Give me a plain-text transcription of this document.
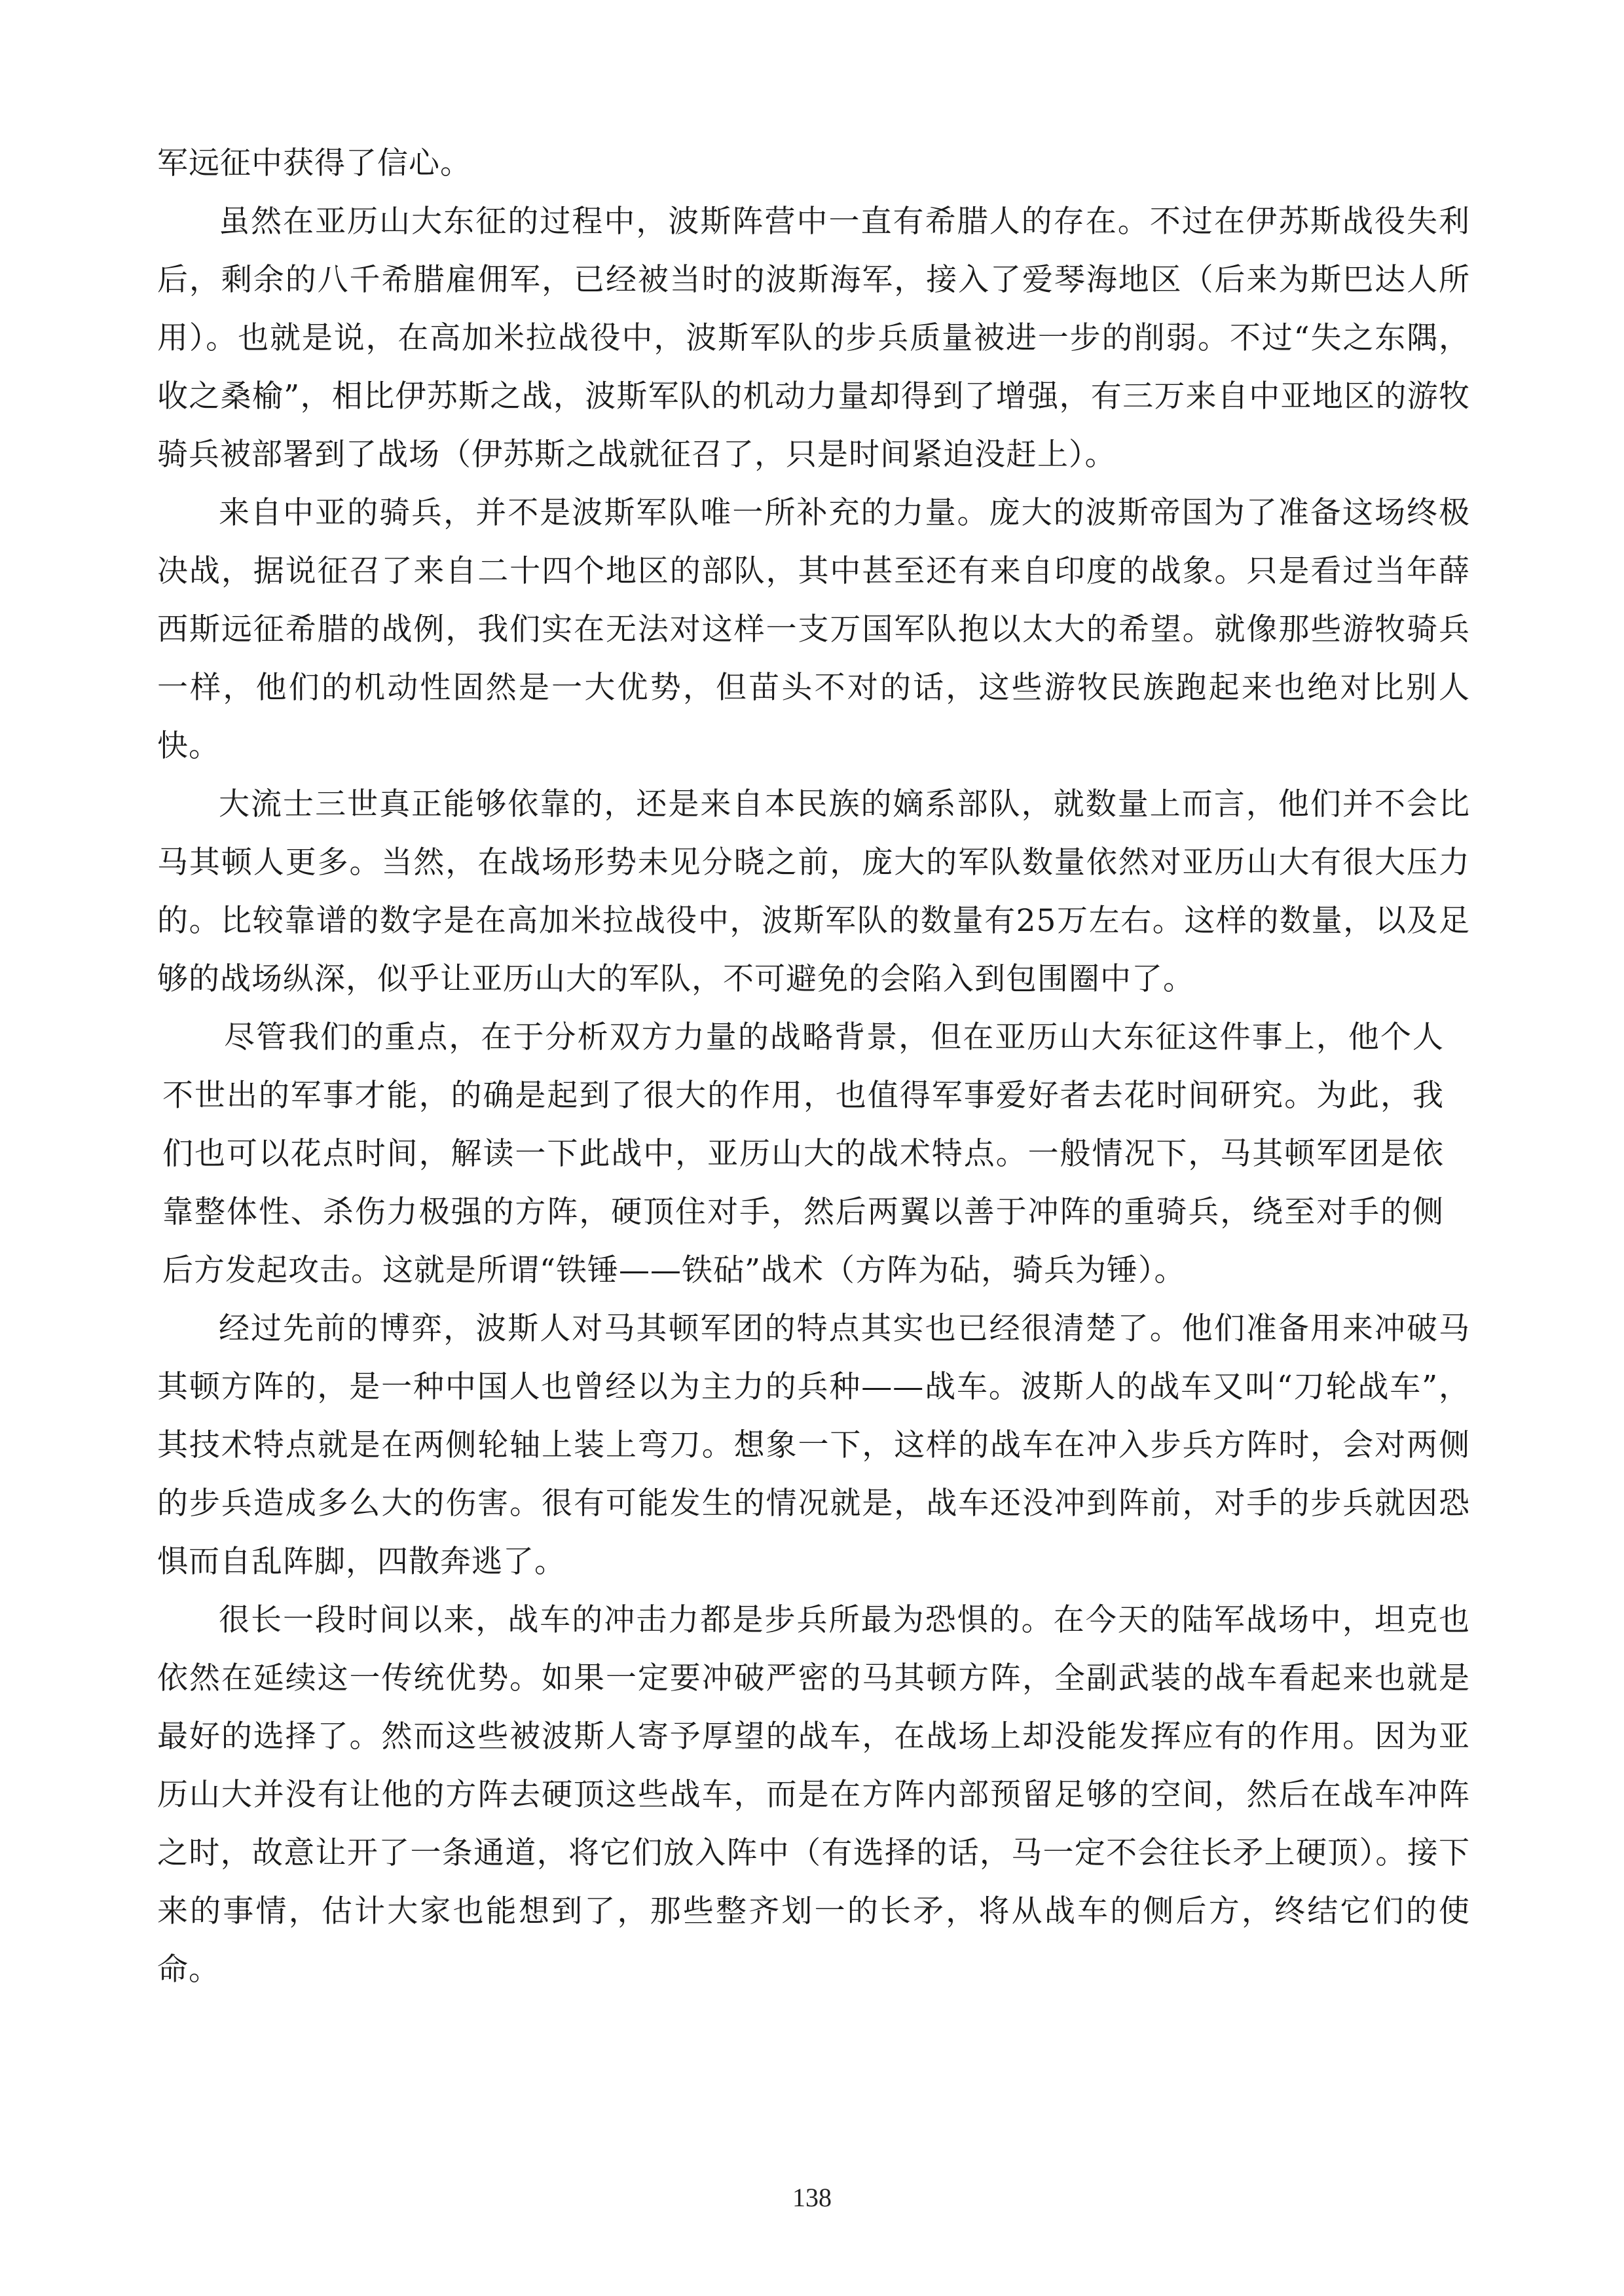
军远征中获得了信心。

虽然在亚历山大东征的过程中，波斯阵营中一直有希腊人的存在。不过在伊苏斯战役失利后，剩余的八千希腊雇佣军，已经被当时的波斯海军，接入了爱琴海地区（后来为斯巴达人所用）。也就是说，在高加米拉战役中，波斯军队的步兵质量被进一步的削弱。不过“失之东隅，收之桑榆”，相比伊苏斯之战，波斯军队的机动力量却得到了增强，有三万来自中亚地区的游牧骑兵被部署到了战场（伊苏斯之战就征召了，只是时间紧迫没赶上）。

来自中亚的骑兵，并不是波斯军队唯一所补充的力量。庞大的波斯帝国为了准备这场终极决战，据说征召了来自二十四个地区的部队，其中甚至还有来自印度的战象。只是看过当年薛西斯远征希腊的战例，我们实在无法对这样一支万国军队抱以太大的希望。就像那些游牧骑兵一样，他们的机动性固然是一大优势，但苗头不对的话，这些游牧民族跑起来也绝对比别人快。

大流士三世真正能够依靠的，还是来自本民族的嫡系部队，就数量上而言，他们并不会比马其顿人更多。当然，在战场形势未见分晓之前，庞大的军队数量依然对亚历山大有很大压力的。比较靠谱的数字是在高加米拉战役中，波斯军队的数量有25万左右。这样的数量，以及足够的战场纵深，似乎让亚历山大的军队，不可避免的会陷入到包围圈中了。

尽管我们的重点，在于分析双方力量的战略背景，但在亚历山大东征这件事上，他个人不世出的军事才能，的确是起到了很大的作用，也值得军事爱好者去花时间研究。为此，我们也可以花点时间，解读一下此战中，亚历山大的战术特点。一般情况下，马其顿军团是依靠整体性、杀伤力极强的方阵，硬顶住对手，然后两翼以善于冲阵的重骑兵，绕至对手的侧后方发起攻击。这就是所谓“铁锤——铁砧”战术（方阵为砧，骑兵为锤）。

经过先前的博弈，波斯人对马其顿军团的特点其实也已经很清楚了。他们准备用来冲破马其顿方阵的，是一种中国人也曾经以为主力的兵种——战车。波斯人的战车又叫“刀轮战车”，其技术特点就是在两侧轮轴上装上弯刀。想象一下，这样的战车在冲入步兵方阵时，会对两侧的步兵造成多么大的伤害。很有可能发生的情况就是，战车还没冲到阵前，对手的步兵就因恐惧而自乱阵脚，四散奔逃了。

很长一段时间以来，战车的冲击力都是步兵所最为恐惧的。在今天的陆军战场中，坦克也依然在延续这一传统优势。如果一定要冲破严密的马其顿方阵，全副武装的战车看起来也就是最好的选择了。然而这些被波斯人寄予厚望的战车，在战场上却没能发挥应有的作用。因为亚历山大并没有让他的方阵去硬顶这些战车，而是在方阵内部预留足够的空间，然后在战车冲阵之时，故意让开了一条通道，将它们放入阵中（有选择的话，马一定不会往长矛上硬顶）。接下来的事情，估计大家也能想到了，那些整齐划一的长矛，将从战车的侧后方，终结它们的使命。

138
